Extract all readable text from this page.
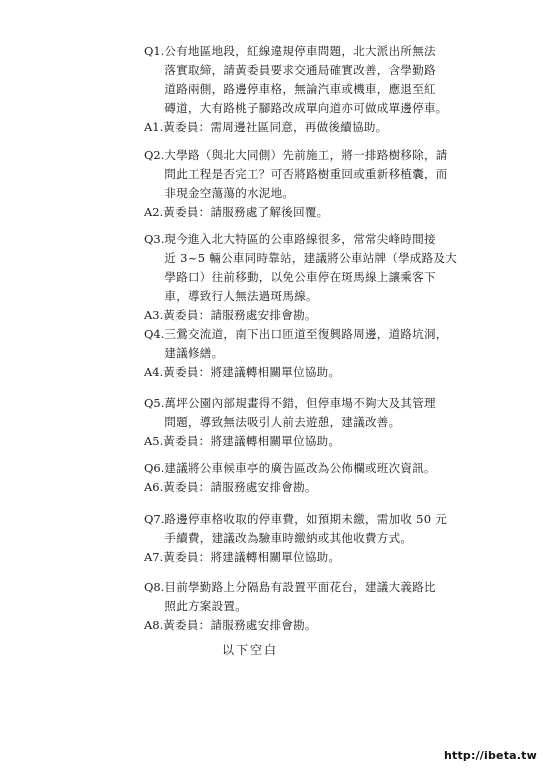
Q1. 公有地區地段，紅線違規停車問題，北大派出所無法
落實取締，請黃委員要求交通局確實改善，含學勤路
道路兩側，路邊停車格，無論汽車或機車，應退至紅
磚道，大有路桃子腳路改成單向道亦可做成單邊停車。
A1. 黃委員：需周邊社區同意，再做後續協助。
Q2. 大學路（與北大同側）先前施工，將一排路樹移除，請
問此工程是否完工？可否將路樹重回或重新移植囊，而
非現金空蕩蕩的水泥地。
A2. 黃委員：請服務處了解後回覆。
Q3. 現今進入北大特區的公車路線很多，常常尖峰時間接
近 3~5 輛公車同時靠站，建議將公車站牌（學成路及大
學路口）往前移動，以免公車停在斑馬線上讓乘客下
車，導致行人無法過斑馬線。
A3. 黃委員：請服務處安排會勘。
Q4. 三鶯交流道，南下出口匝道至復興路周邊，道路坑洞，
建議修繕。
A4. 黃委員：將建議轉相關單位協助。
Q5. 萬坪公園內部規畫得不錯，但停車場不夠大及其管理
問題，導致無法吸引人前去遊憩，建議改善。
A5. 黃委員：將建議轉相關單位協助。
Q6. 建議將公車候車亭的廣告區改為公佈欄或班次資訊。
A6. 黃委員：請服務處安排會勘。
Q7. 路邊停車格收取的停車費，如預期未繳，需加收 50 元
手續費，建議改為驗車時繳納或其他收費方式。
A7. 黃委員：將建議轉相關單位協助。
Q8. 目前學勤路上分隔島有設置平面花台，建議大義路比
照此方案設置。
A8. 黃委員：請服務處安排會勘。
以下空白
http://ibeta.tw
